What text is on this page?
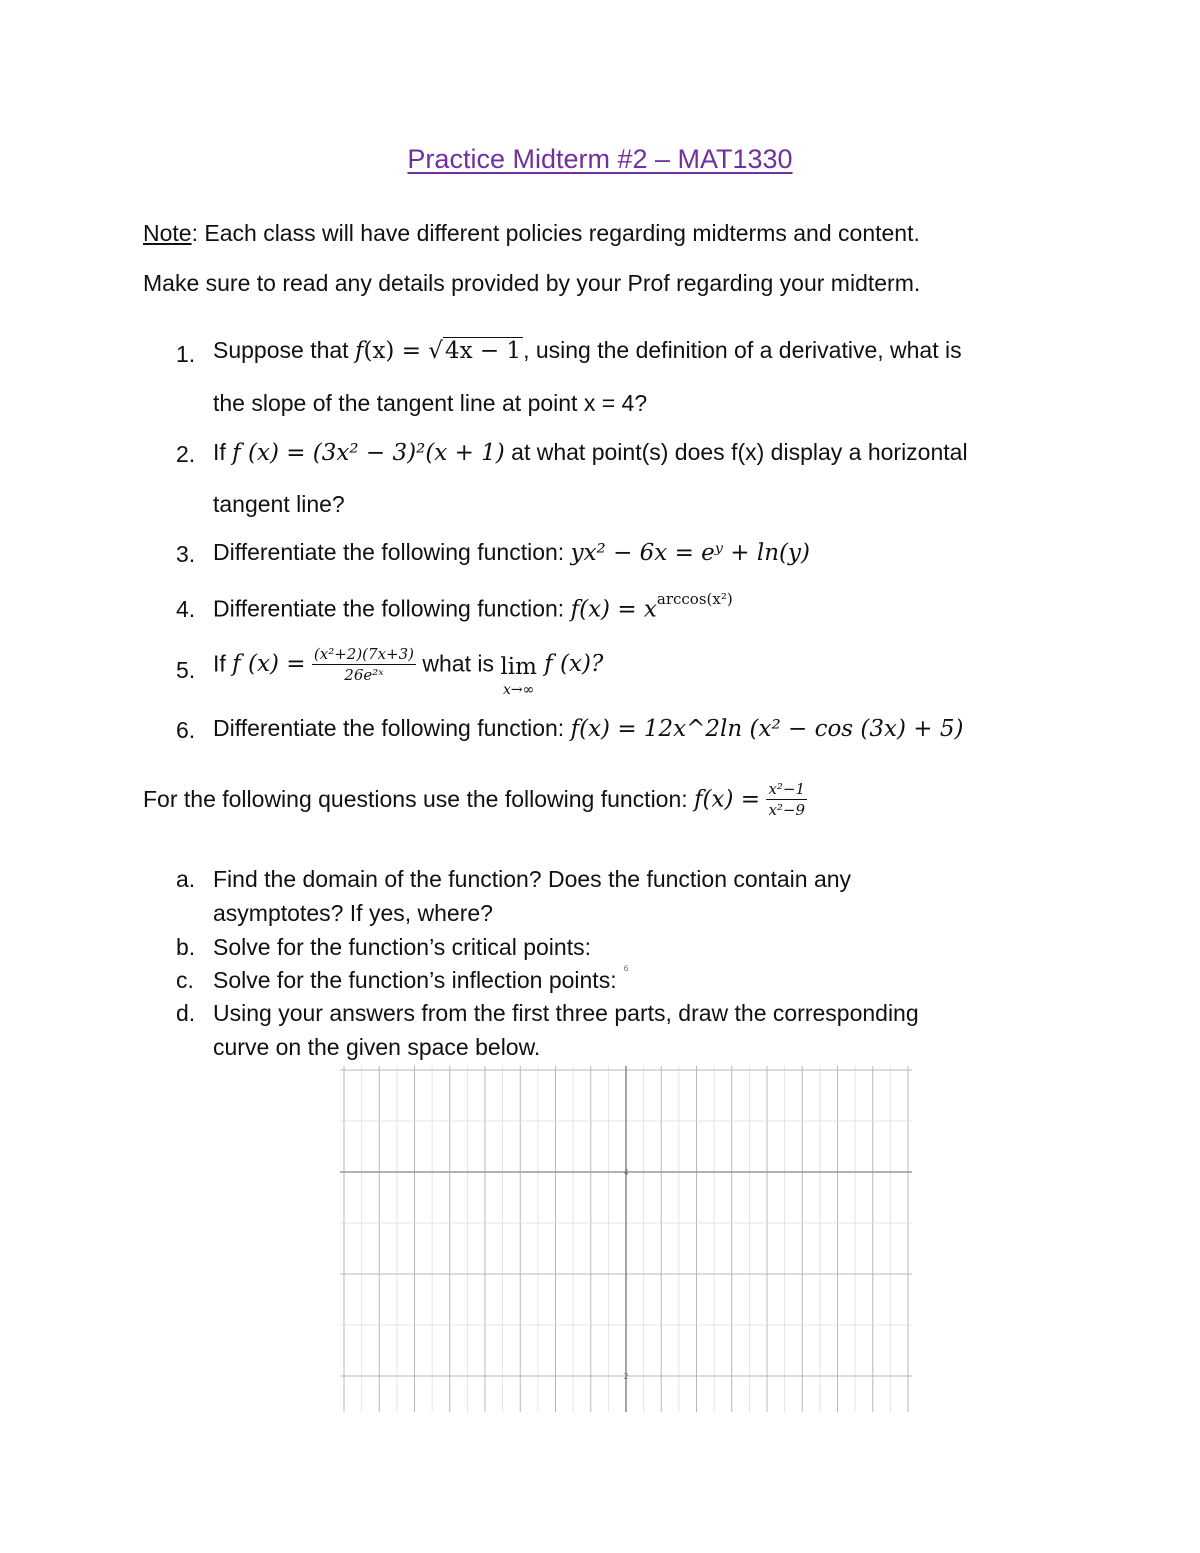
Practice Midterm #2 – MAT1330
Note: Each class will have different policies regarding midterms and content.
Make sure to read any details provided by your Prof regarding your midterm.
1. Suppose that f(x) = √4x − 1, using the definition of a derivative, what is
the slope of the tangent line at point x = 4?
2. If f (x) = (3x² − 3)²(x + 1) at what point(s) does f(x) display a horizontal
tangent line?
3. Differentiate the following function: yx² − 6x = eʸ + ln(y)
4. Differentiate the following function: $f(x) = x^{arccos(x^2)}$
5. If f $(x) = \frac{\text{(x²+2)(7x+3)}}{\text{26e²ˣ}}$ what is lim
x→∞
f (x)?
6. Differentiate the following function: f(x) = 12x^2ln (x² − cos (3x) + 5)
For the following questions use the following function: $f(x) = \frac{\text{x²−1}}{\text{x²−9}}$
a. Find the domain of the function? Does the function contain any
asymptotes? If yes, where?
b. Solve for the function’s critical points:
c. Solve for the function’s inflection points:
d. Using your answers from the first three parts, draw the corresponding
curve on the given space below.
6
4
2
